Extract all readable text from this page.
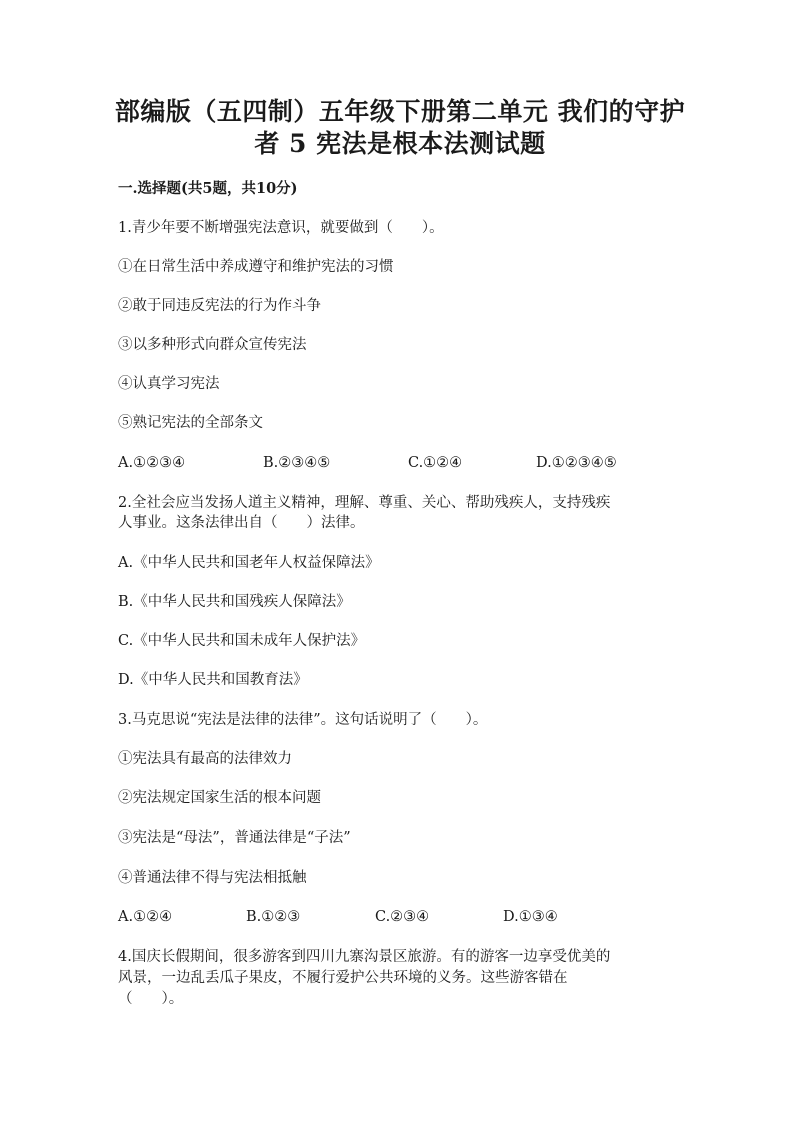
部编版（五四制）五年级下册第二单元 我们的守护
者 5 宪法是根本法测试题
一.选择题(共5题，共10分)
1.青少年要不断增强宪法意识，就要做到（　　）。
①在日常生活中养成遵守和维护宪法的习惯
②敢于同违反宪法的行为作斗争
③以多种形式向群众宣传宪法
④认真学习宪法
⑤熟记宪法的全部条文
A.①②③④	B.②③④⑤	C.①②④	D.①②③④⑤
2.全社会应当发扬人道主义精神，理解、尊重、关心、帮助残疾人，支持残疾
人事业。这条法律出自（　　）法律。
A.《中华人民共和国老年人权益保障法》
B.《中华人民共和国残疾人保障法》
C.《中华人民共和国未成年人保护法》
D.《中华人民共和国教育法》
3.马克思说“宪法是法律的法律”。这句话说明了（　　）。
①宪法具有最高的法律效力
②宪法规定国家生活的根本问题
③宪法是“母法”，普通法律是“子法”
④普通法律不得与宪法相抵触
A.①②④	B.①②③	C.②③④	D.①③④
4.国庆长假期间，很多游客到四川九寨沟景区旅游。有的游客一边享受优美的
风景，一边乱丢瓜子果皮，不履行爱护公共环境的义务。这些游客错在
（　　）。
